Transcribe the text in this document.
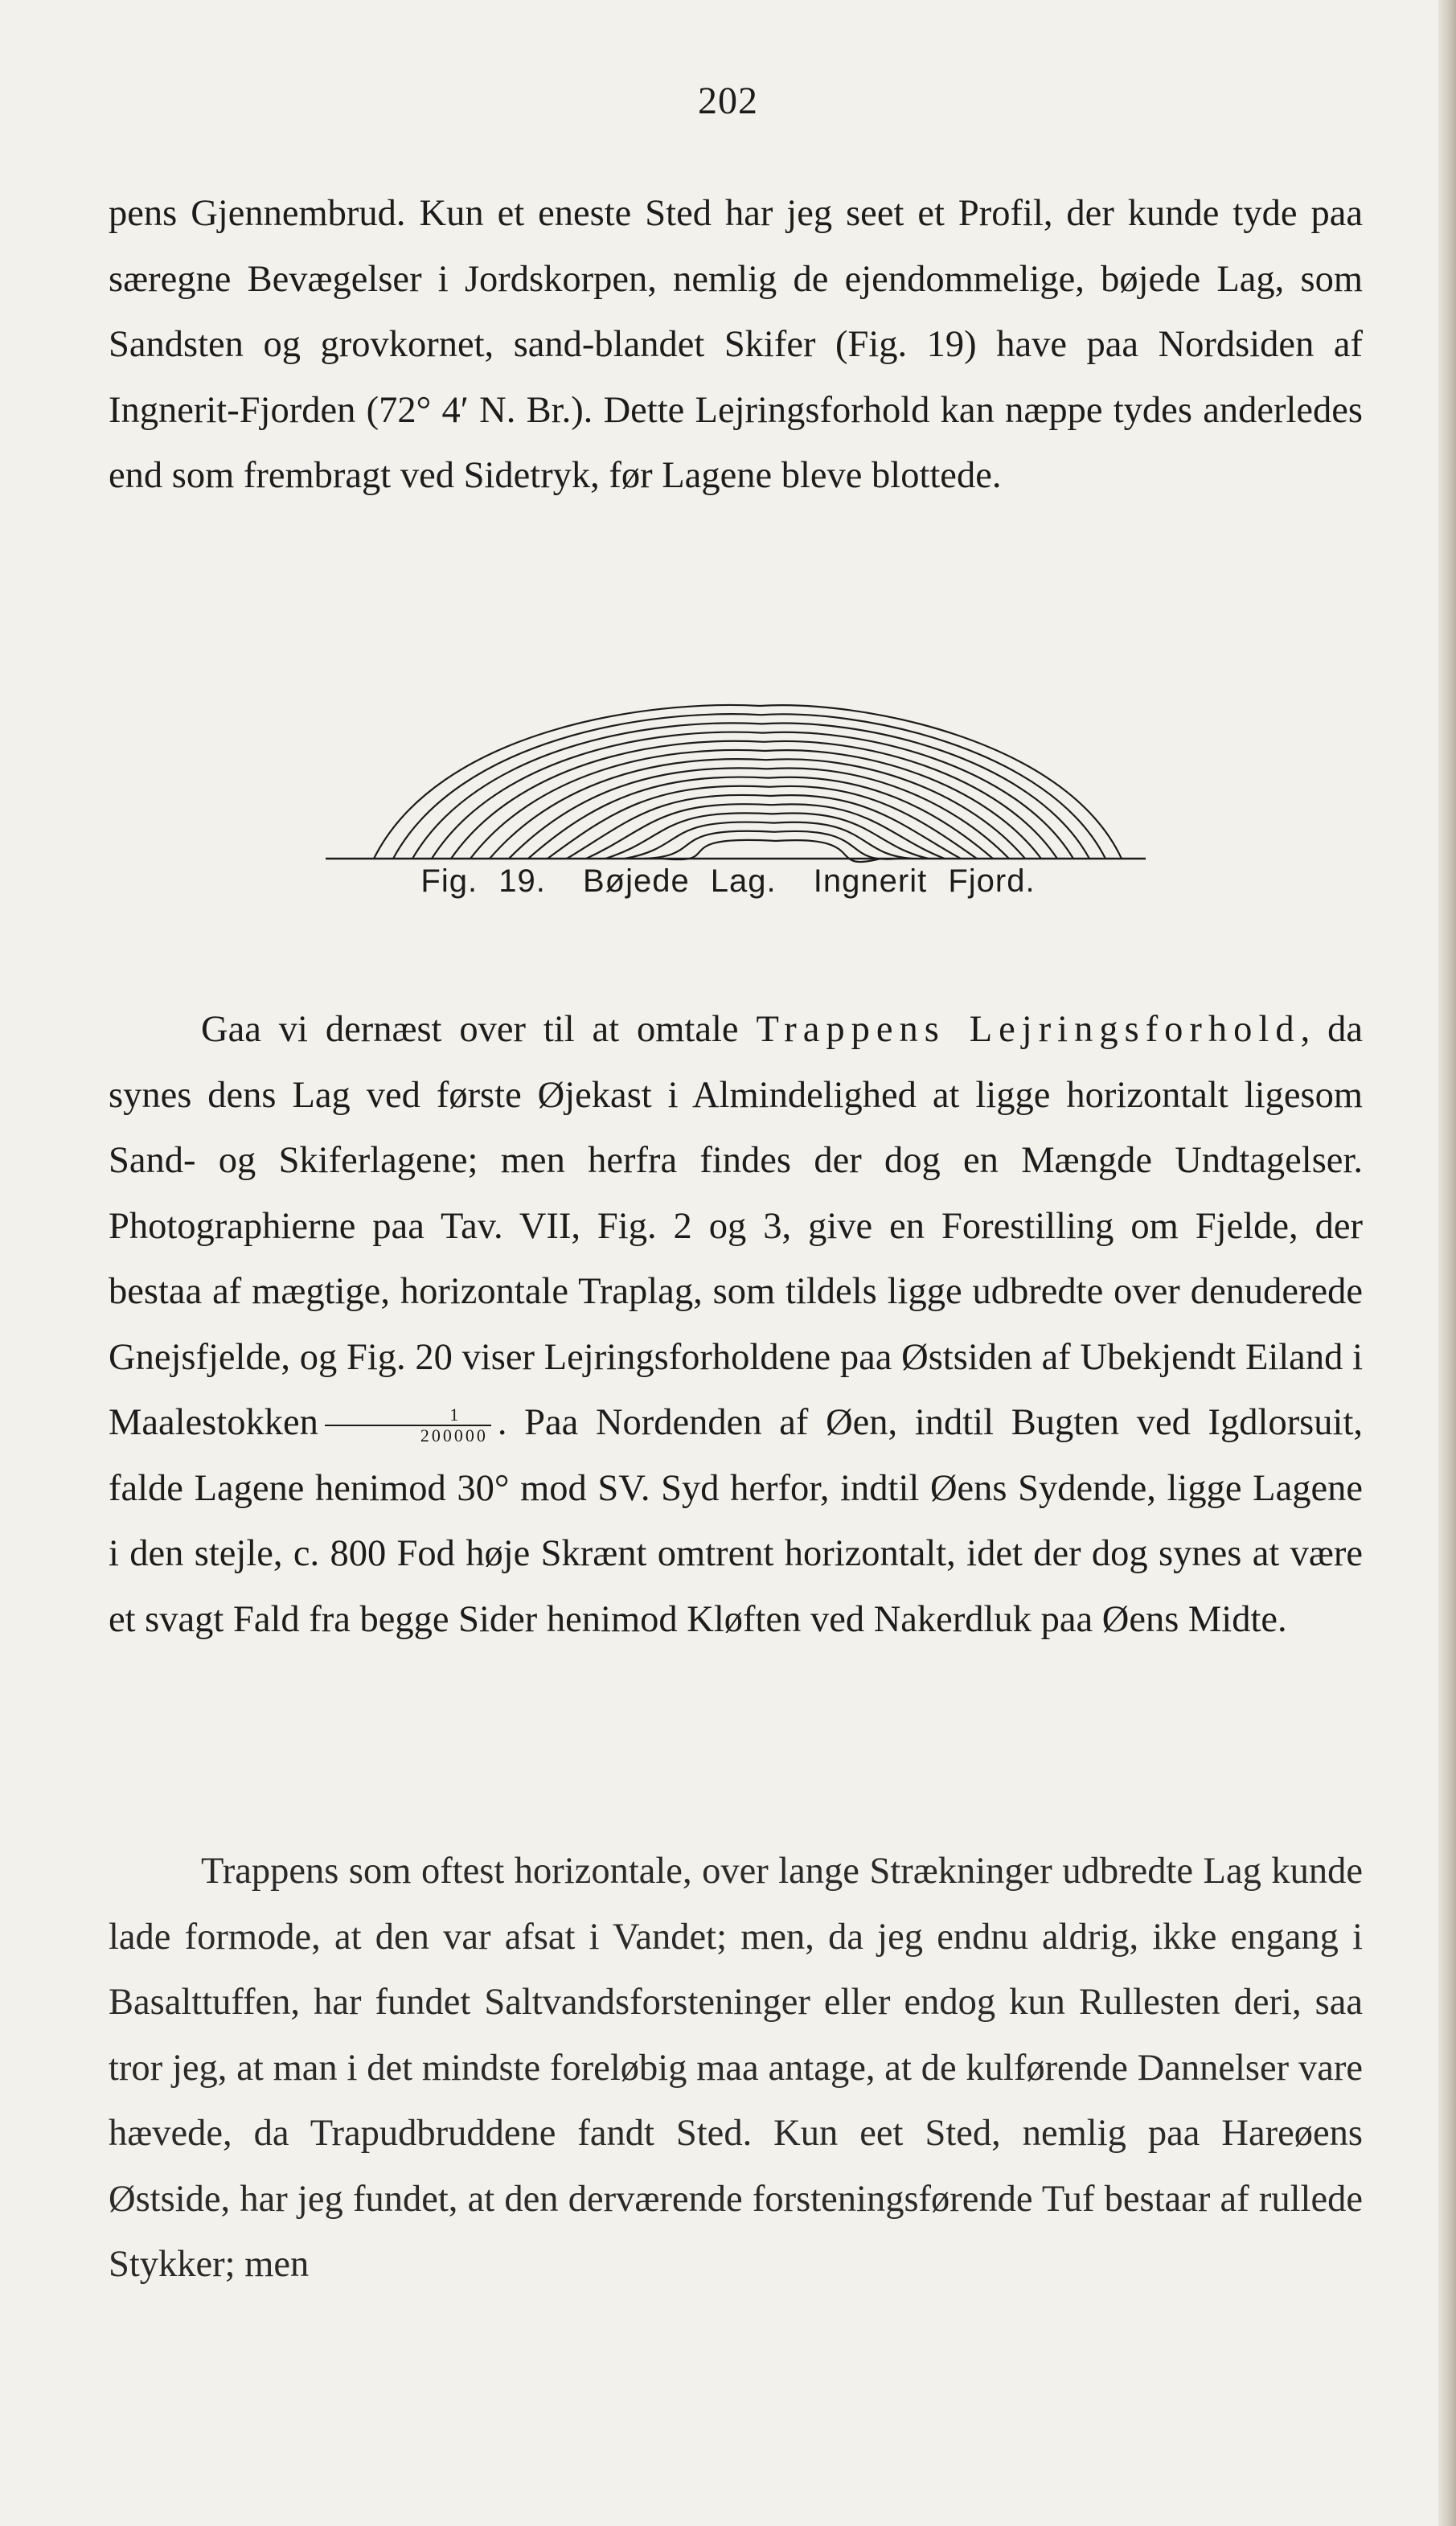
202

pens Gjennembrud. Kun et eneste Sted har jeg seet et Profil, der kunde tyde paa særegne Bevægelser i Jordskorpen, nemlig de ejendommelige, bøjede Lag, som Sandsten og grovkornet, sand-blandet Skifer (Fig. 19) have paa Nordsiden af Ingnerit-Fjorden (72° 4′ N. Br.). Dette Lejringsforhold kan næppe tydes anderledes end som frembragt ved Sidetryk, før Lagene bleve blottede.

Fig. 19. Bøjede Lag. Ingnerit Fjord.

Gaa vi dernæst over til at omtale Trappens Lejringsforhold, da synes dens Lag ved første Øjekast i Almindelighed at ligge horizontalt ligesom Sand- og Skiferlagene; men herfra findes der dog en Mængde Undtagelser. Photographierne paa Tav. VII, Fig. 2 og 3, give en Forestilling om Fjelde, der bestaa af mægtige, horizontale Traplag, som tildels ligge udbredte over denuderede Gnejsfjelde, og Fig. 20 viser Lejringsforholdene paa Østsiden af Ubekjendt Eiland i Maalestokken $\frac{1}{200000}$ . Paa Nordenden af Øen, indtil Bugten ved Igdlorsuit, falde Lagene henimod 30° mod SV. Syd herfor, indtil Øens Sydende, ligge Lagene i den stejle, c. 800 Fod høje Skrænt omtrent horizontalt, idet der dog synes at være et svagt Fald fra begge Sider henimod Kløften ved Nakerdluk paa Øens Midte.

Trappens som oftest horizontale, over lange Strækninger udbredte Lag kunde lade formode, at den var afsat i Vandet; men, da jeg endnu aldrig, ikke engang i Basalttuffen, har fundet Saltvandsforsteninger eller endog kun Rullesten deri, saa tror jeg, at man i det mindste foreløbig maa antage, at de kulførende Dannelser vare hævede, da Trapudbruddene fandt Sted. Kun eet Sted, nemlig paa Hareøens Østside, har jeg fundet, at den derværende forsteningsførende Tuf bestaar af rullede Stykker; men
